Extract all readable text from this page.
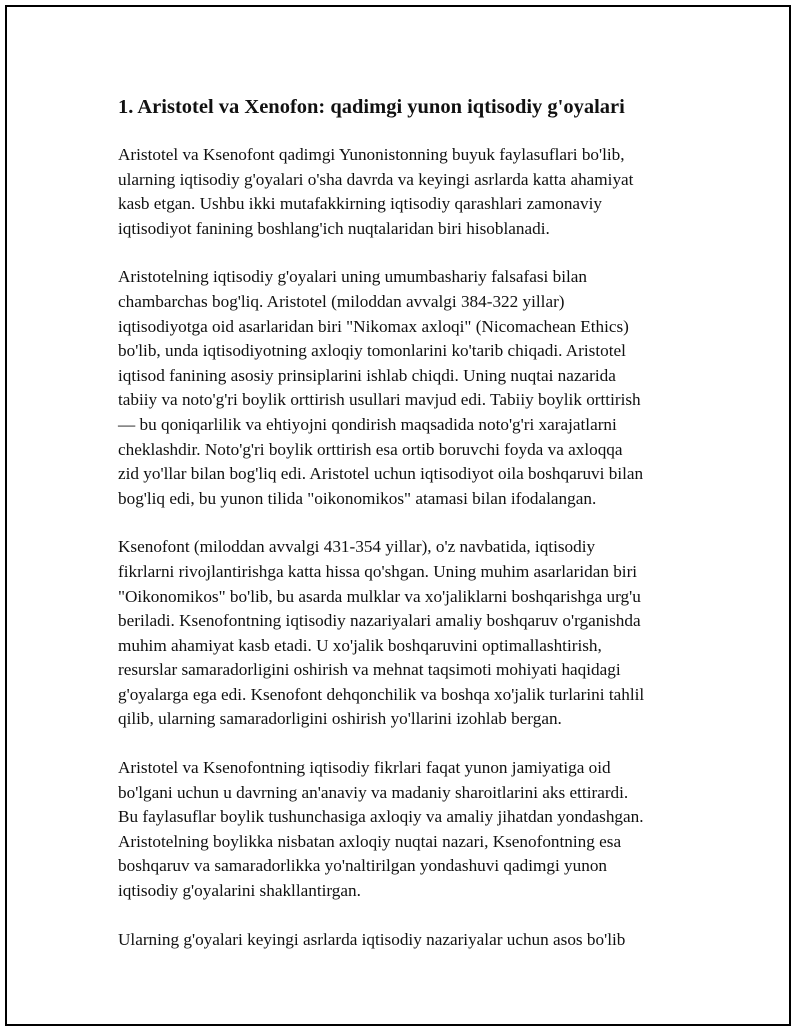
1. Aristotel va Xenofon: qadimgi yunon iqtisodiy g'oyalari

Aristotel va Ksenofont qadimgi Yunonistonning buyuk faylasuflari bo'lib,
ularning iqtisodiy g'oyalari o'sha davrda va keyingi asrlarda katta ahamiyat
kasb etgan. Ushbu ikki mutafakkirning iqtisodiy qarashlari zamonaviy
iqtisodiyot fanining boshlang'ich nuqtalaridan biri hisoblanadi.

Aristotelning iqtisodiy g'oyalari uning umumbashariy falsafasi bilan
chambarchas bog'liq. Aristotel (miloddan avvalgi 384-322 yillar)
iqtisodiyotga oid asarlaridan biri "Nikomax axloqi" (Nicomachean Ethics)
bo'lib, unda iqtisodiyotning axloqiy tomonlarini ko'tarib chiqadi. Aristotel
iqtisod fanining asosiy prinsiplarini ishlab chiqdi. Uning nuqtai nazarida
tabiiy va noto'g'ri boylik orttirish usullari mavjud edi. Tabiiy boylik orttirish
— bu qoniqarlilik va ehtiyojni qondirish maqsadida noto'g'ri xarajatlarni
cheklashdir. Noto'g'ri boylik orttirish esa ortib boruvchi foyda va axloqqa
zid yo'llar bilan bog'liq edi. Aristotel uchun iqtisodiyot oila boshqaruvi bilan
bog'liq edi, bu yunon tilida "oikonomikos" atamasi bilan ifodalangan.

Ksenofont (miloddan avvalgi 431-354 yillar), o'z navbatida, iqtisodiy
fikrlarni rivojlantirishga katta hissa qo'shgan. Uning muhim asarlaridan biri
"Oikonomikos" bo'lib, bu asarda mulklar va xo'jaliklarni boshqarishga urg'u
beriladi. Ksenofontning iqtisodiy nazariyalari amaliy boshqaruv o'rganishda
muhim ahamiyat kasb etadi. U xo'jalik boshqaruvini optimallashtirish,
resurslar samaradorligini oshirish va mehnat taqsimoti mohiyati haqidagi
g'oyalarga ega edi. Ksenofont dehqonchilik va boshqa xo'jalik turlarini tahlil
qilib, ularning samaradorligini oshirish yo'llarini izohlab bergan.

Aristotel va Ksenofontning iqtisodiy fikrlari faqat yunon jamiyatiga oid
bo'lgani uchun u davrning an'anaviy va madaniy sharoitlarini aks ettirardi.
Bu faylasuflar boylik tushunchasiga axloqiy va amaliy jihatdan yondashgan.
Aristotelning boylikka nisbatan axloqiy nuqtai nazari, Ksenofontning esa
boshqaruv va samaradorlikka yo'naltirilgan yondashuvi qadimgi yunon
iqtisodiy g'oyalarini shakllantirgan.

Ularning g'oyalari keyingi asrlarda iqtisodiy nazariyalar uchun asos bo'lib
